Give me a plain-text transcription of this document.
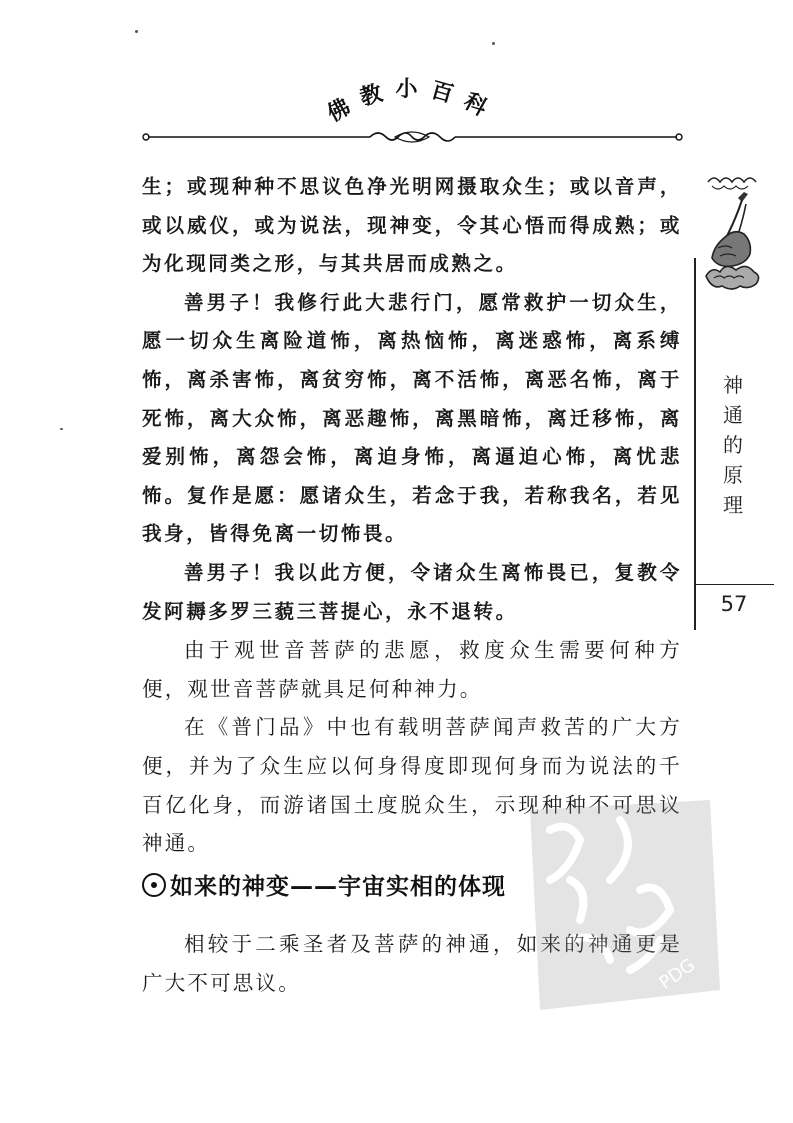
佛教小百科
神
通
的
原
理
57

生；或现种种不思议色净光明网摄取众生；或以音声，或以威仪，或为说法，现神变，令其心悟而得成熟；或为化现同类之形，与其共居而成熟之。

善男子！我修行此大悲行门，愿常救护一切众生，愿一切众生离险道怖，离热恼怖，离迷惑怖，离系缚怖，离杀害怖，离贫穷怖，离不活怖，离恶名怖，离于死怖，离大众怖，离恶趣怖，离黑暗怖，离迁移怖，离爱别怖，离怨会怖，离迫身怖，离逼迫心怖，离忧悲怖。复作是愿：愿诸众生，若念于我，若称我名，若见我身，皆得免离一切怖畏。

善男子！我以此方便，令诸众生离怖畏已，复教令发阿耨多罗三藐三菩提心，永不退转。

由于观世音菩萨的悲愿，救度众生需要何种方便，观世音菩萨就具足何种神力。

在《普门品》中也有载明菩萨闻声救苦的广大方便，并为了众生应以何身得度即现何身而为说法的千百亿化身，而游诸国土度脱众生，示现种种不可思议神通。

如来的神变——宇宙实相的体现

相较于二乘圣者及菩萨的神通，如来的神通更是广大不可思议。	PDG
